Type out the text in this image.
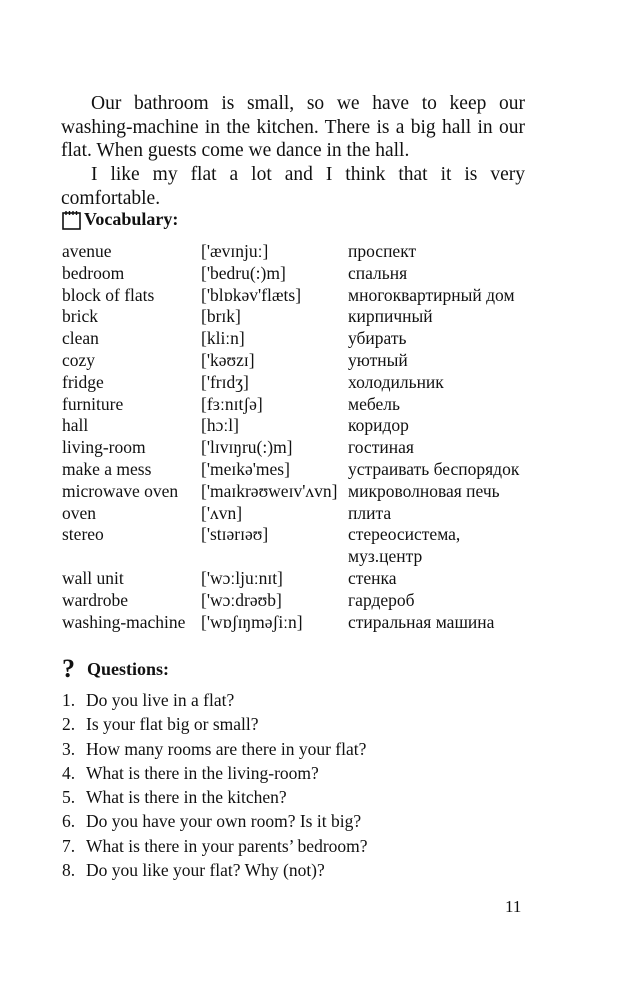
Our bathroom is small, so we have to keep our washing-machine in the kitchen. There is a big hall in our flat. When guests come we dance in the hall.

I like my flat a lot and I think that it is very comfortable.

Vocabulary:
avenue	['ævɪnjuː]	проспект
bedroom	['bedru(:)m]	спальня
block of flats	['blɒkəv'flæts]	многоквартирный дом
brick	[brɪk]	кирпичный
clean	[kliːn]	убирать
cozy	['kəʊzɪ]	уютный
fridge	['frɪdʒ]	холодильник
furniture	[fɜːnɪtʃə]	мебель
hall	[hɔːl]	коридор
living-room	['lɪvɪŋru(:)m]	гостиная
make a mess	['meɪkə'mes]	устраивать беспорядок
microwave oven	['maɪkrəʊweɪv'ʌvn] микроволновая печь
oven	['ʌvn]	плита
stereo	['stɪərɪəʊ]	стереосистема, муз.центр
wall unit	['wɔːljuːnɪt]	стенка
wardrobe	['wɔːdrəʊb]	гардероб
washing-machine ['wɒʃɪŋməʃiːn]	стиральная машина
? Questions:
1. Do you live in a flat?
2. Is your flat big or small?
3. How many rooms are there in your flat?
4. What is there in the living-room?
5. What is there in the kitchen?
6. Do you have your own room? Is it big?
7. What is there in your parents’ bedroom?
8. Do you like your flat? Why (not)?
11
